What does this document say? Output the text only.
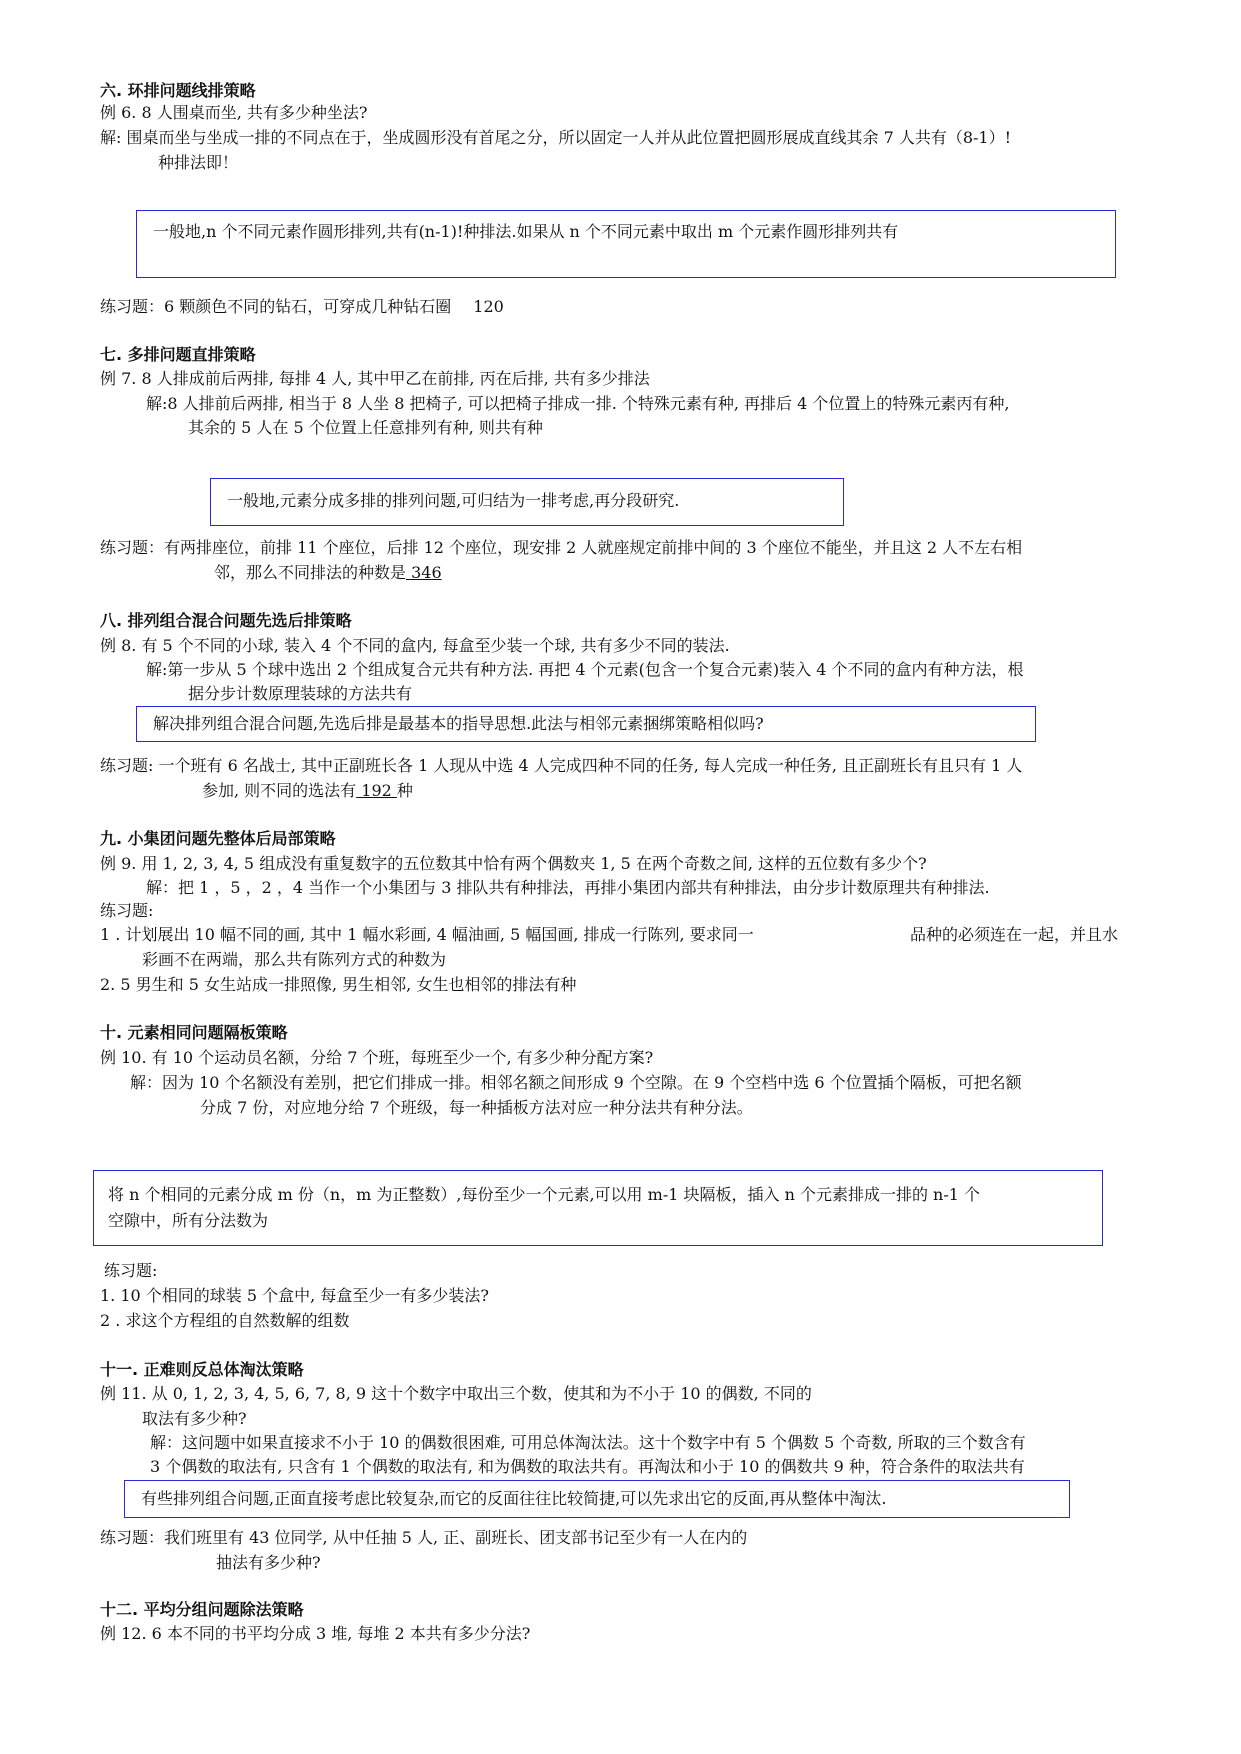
六. 环排问题线排策略
例 6. 8 人围桌而坐, 共有多少种坐法?
解: 围桌而坐与坐成一排的不同点在于，坐成圆形没有首尾之分，所以固定一人并从此位置把圆形展成直线其余 7 人共有（8-1）!
种排法即！
一般地,n 个不同元素作圆形排列,共有(n-1)!种排法.如果从 n 个不同元素中取出 m 个元素作圆形排列共有
练习题：6 颗颜色不同的钻石，可穿成几种钻石圈 120
七. 多排问题直排策略
例 7. 8 人排成前后两排, 每排 4 人, 其中甲乙在前排, 丙在后排, 共有多少排法
解:8 人排前后两排, 相当于 8 人坐 8 把椅子, 可以把椅子排成一排. 个特殊元素有种, 再排后 4 个位置上的特殊元素丙有种,
其余的 5 人在 5 个位置上任意排列有种, 则共有种
一般地,元素分成多排的排列问题,可归结为一排考虑,再分段研究.
练习题：有两排座位，前排 11 个座位，后排 12 个座位，现安排 2 人就座规定前排中间的 3 个座位不能坐，并且这 2 人不左右相
邻，那么不同排法的种数是 346
八. 排列组合混合问题先选后排策略
例 8. 有 5 个不同的小球, 装入 4 个不同的盒内, 每盒至少装一个球, 共有多少不同的装法.
解:第一步从 5 个球中选出 2 个组成复合元共有种方法. 再把 4 个元素(包含一个复合元素)装入 4 个不同的盒内有种方法，根
据分步计数原理装球的方法共有
解决排列组合混合问题,先选后排是最基本的指导思想.此法与相邻元素捆绑策略相似吗?
练习题: 一个班有 6 名战士, 其中正副班长各 1 人现从中选 4 人完成四种不同的任务, 每人完成一种任务, 且正副班长有且只有 1 人
参加, 则不同的选法有 192 种
九. 小集团问题先整体后局部策略
例 9. 用 1, 2, 3, 4, 5 组成没有重复数字的五位数其中恰有两个偶数夹 1, 5 在两个奇数之间, 这样的五位数有多少个?
解：把 1 ，5 ，2 ，4 当作一个小集团与 3 排队共有种排法，再排小集团内部共有种排法，由分步计数原理共有种排法.
练习题:
1 . 计划展出 10 幅不同的画, 其中 1 幅水彩画, 4 幅油画, 5 幅国画, 排成一行陈列, 要求同一	品种的必须连在一起，并且水
彩画不在两端，那么共有陈列方式的种数为
2. 5 男生和 5 女生站成一排照像, 男生相邻, 女生也相邻的排法有种
十. 元素相同问题隔板策略
例 10. 有 10 个运动员名额，分给 7 个班，每班至少一个, 有多少种分配方案?
解：因为 10 个名额没有差别，把它们排成一排。相邻名额之间形成 9 个空隙。在 9 个空档中选 6 个位置插个隔板，可把名额
分成 7 份，对应地分给 7 个班级，每一种插板方法对应一种分法共有种分法。
将 n 个相同的元素分成 m 份（n，m 为正整数）,每份至少一个元素,可以用 m-1 块隔板，插入 n 个元素排成一排的 n-1 个
空隙中，所有分法数为
练习题:
1. 10 个相同的球装 5 个盒中, 每盒至少一有多少装法?
2 . 求这个方程组的自然数解的组数
十一. 正难则反总体淘汰策略
例 11. 从 0, 1, 2, 3, 4, 5, 6, 7, 8, 9 这十个数字中取出三个数，使其和为不小于 10 的偶数, 不同的
取法有多少种?
解：这问题中如果直接求不小于 10 的偶数很困难, 可用总体淘汰法。这十个数字中有 5 个偶数 5 个奇数, 所取的三个数含有
3 个偶数的取法有, 只含有 1 个偶数的取法有, 和为偶数的取法共有。再淘汰和小于 10 的偶数共 9 种，符合条件的取法共有
有些排列组合问题,正面直接考虑比较复杂,而它的反面往往比较简捷,可以先求出它的反面,再从整体中淘汰.
练习题：我们班里有 43 位同学, 从中任抽 5 人, 正、副班长、团支部书记至少有一人在内的
抽法有多少种?
十二. 平均分组问题除法策略
例 12. 6 本不同的书平均分成 3 堆, 每堆 2 本共有多少分法?
